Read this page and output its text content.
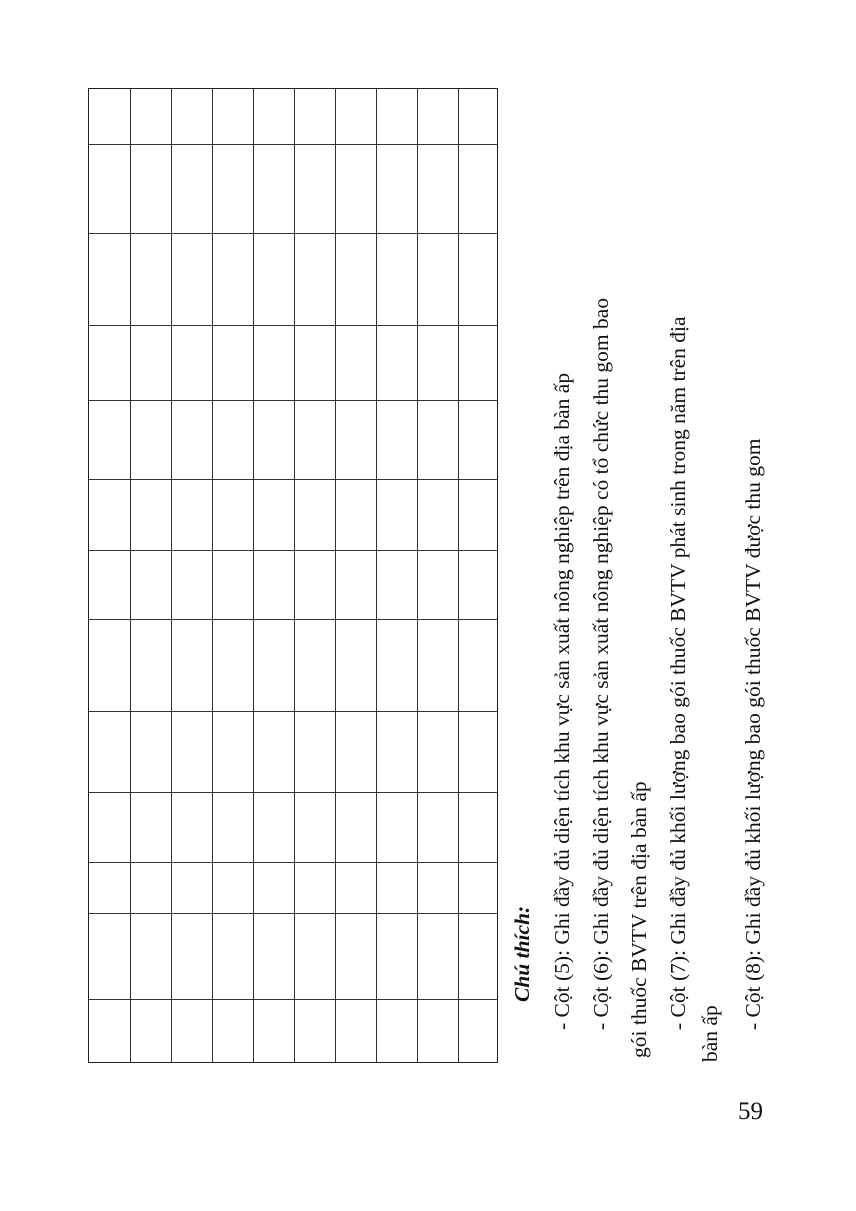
Chú thích: - Cột (5): Ghi đầy đủ diện tích khu vực sản xuất nông nghiệp trên địa bàn ấp - Cột (6): Ghi đầy đủ diện tích khu vực sản xuất nông nghiệp có tổ chức thu gom bao gói thuốc BVTV trên địa bàn ấp - Cột (7): Ghi đầy đủ khối lượng bao gói thuốc BVTV phát sinh trong năm trên địa
bàn ấp
- Cột (8): Ghi đầy đủ khối lượng bao gói thuốc BVTV được thu gom
59
